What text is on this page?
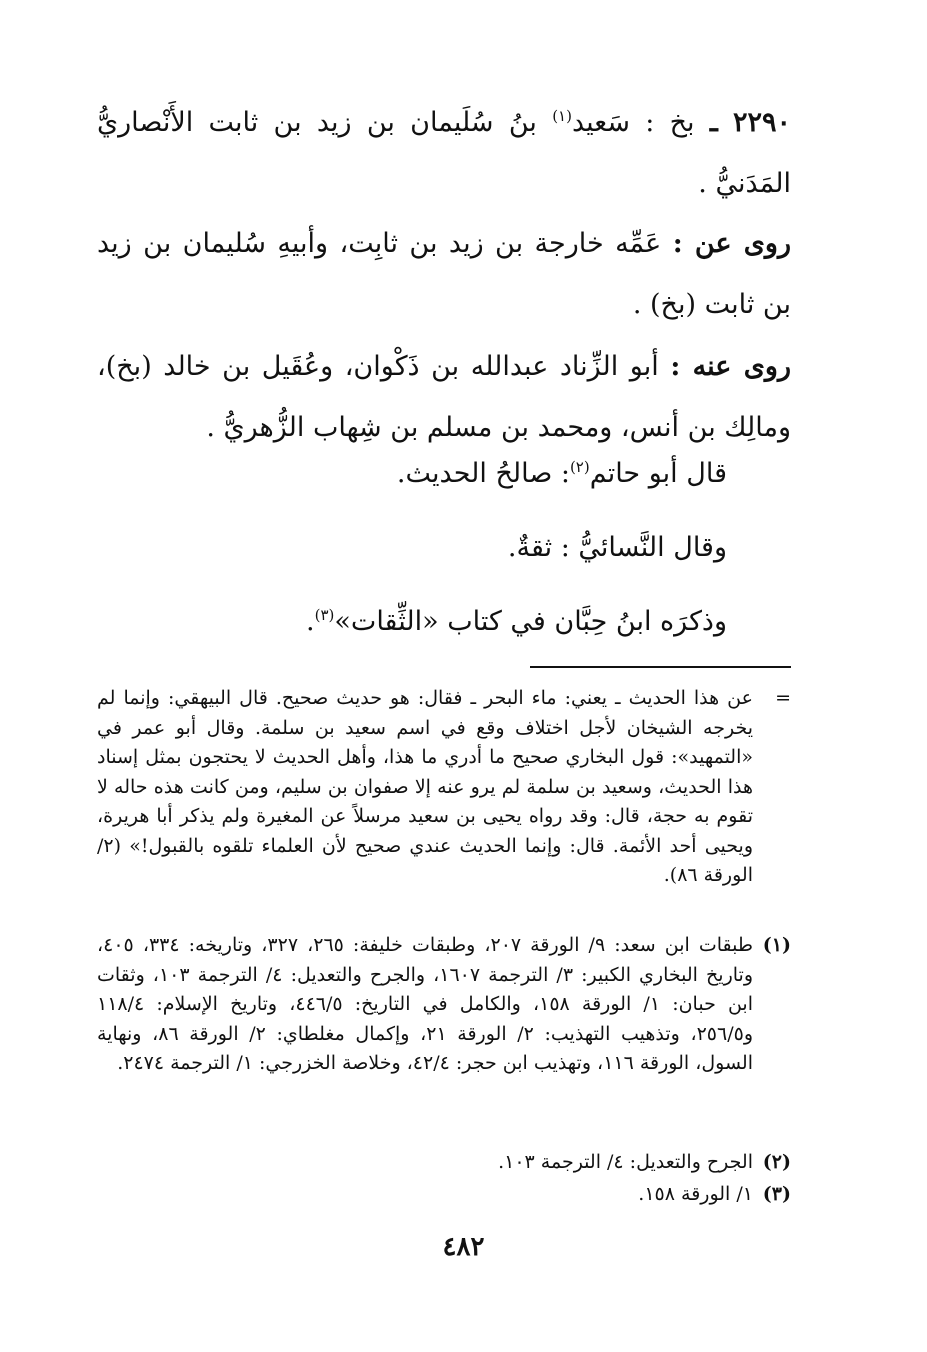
٢٢٩٠ ـ بخ : سَعيد$^{(١)}$ بنُ سُلَيمان بن زيد بن ثابت الأَنْصاريُّ المَدَنيُّ .
روى عن : عَمِّه خارجة بن زيد بن ثابِت، وأبيهِ سُليمان بن زيد بن ثابت (بخ) .
روى عنه : أبو الزِّناد عبدالله بن ذَكْوان، وعُقَيل بن خالد (بخ)، ومالِك بن أنس، ومحمد بن مسلم بن شِهاب الزُّهريُّ .
قال أبو حاتم$^{(٢)}$: صالحُ الحديث.
وقال النَّسائيُّ : ثقةٌ.
وذكرَه ابنُ حِبَّان في كتاب «الثِّقات»$^{(٣)}$.
=
عن هذا الحديث ـ يعني: ماء البحر ـ فقال: هو حديث صحيح. قال البيهقي: وإنما لم يخرجه الشيخان لأجل اختلاف وقع في اسم سعيد بن سلمة. وقال أبو عمر في «التمهيد»: قول البخاري صحيح ما أدري ما هذا، وأهل الحديث لا يحتجون بمثل إسناد هذا الحديث، وسعيد بن سلمة لم يرو عنه إلا صفوان بن سليم، ومن كانت هذه حاله لا تقوم به حجة، قال: وقد رواه يحيى بن سعيد مرسلاً عن المغيرة ولم يذكر أبا هريرة، ويحيى أحد الأئمة. قال: وإنما الحديث عندي صحيح لأن العلماء تلقوه بالقبول!» (٢/ الورقة ٨٦).
(١)
طبقات ابن سعد: ٩/ الورقة ٢٠٧، وطبقات خليفة: ٢٦٥، ٣٢٧، وتاريخه: ٣٣٤، ٤٠٥، وتاريخ البخاري الكبير: ٣/ الترجمة ١٦٠٧، والجرح والتعديل: ٤/ الترجمة ١٠٣، وثقات ابن حبان: ١/ الورقة ١٥٨، والكامل في التاريخ: ٤٤٦/٥، وتاريخ الإسلام: ١١٨/٤ و٢٥٦/٥، وتذهيب التهذيب: ٢/ الورقة ٢١، وإكمال مغلطاي: ٢/ الورقة ٨٦، ونهاية السول، الورقة ١١٦، وتهذيب ابن حجر: ٤٢/٤، وخلاصة الخزرجي: ١/ الترجمة ٢٤٧٤.
(٢)
الجرح والتعديل: ٤/ الترجمة ١٠٣.
(٣)
١/ الورقة ١٥٨.
٤٨٢
